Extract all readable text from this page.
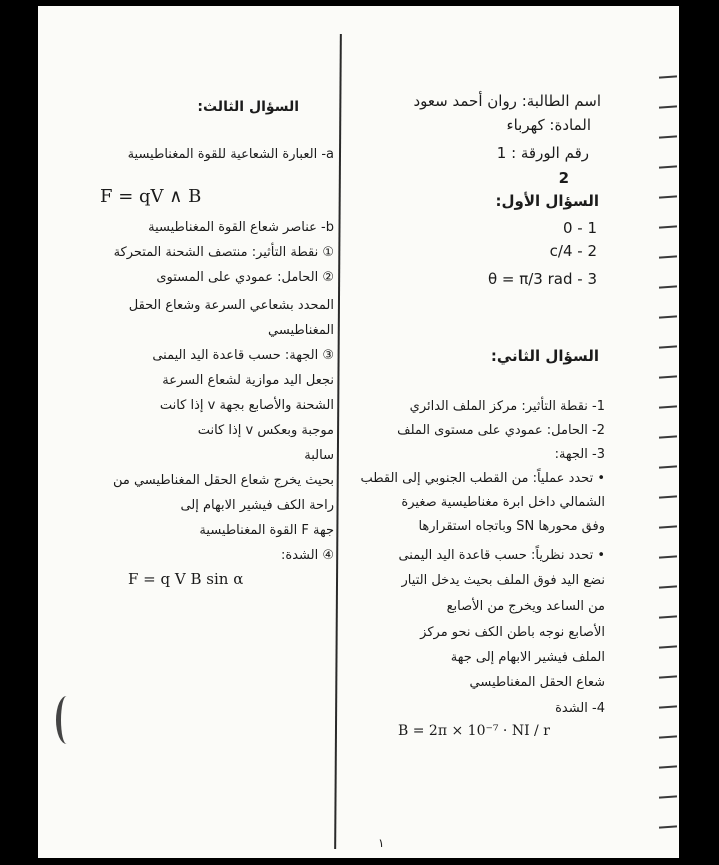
اسم الطالبة: روان أحمد سعود
المادة: كهرباء
رقم الورقة : 1
2
السؤال الأول:
1 - 0
2 - c/4
3 - θ = π/3 rad
السؤال الثاني:
1- نقطة التأثير: مركز الملف الدائري
2- الحامل: عمودي على مستوى الملف
3- الجهة:
• تحدد عملياً: من القطب الجنوبي إلى القطب
الشمالي داخل ابرة مغناطيسية صغيرة
وفق محورها SN وباتجاه استقرارها
• تحدد نظرياً: حسب قاعدة اليد اليمنى
نضع اليد فوق الملف بحيث يدخل التيار
من الساعد ويخرج من الأصابع
الأصابع نوجه باطن الكف نحو مركز
الملف فيشير الابهام إلى جهة
شعاع الحقل المغناطيسي
4- الشدة
السؤال الثالث:
a- العبارة الشعاعية للقوة المغناطيسية
b- عناصر شعاع القوة المغناطيسية
① نقطة التأثير: منتصف الشحنة المتحركة
② الحامل: عمودي على المستوى
المحدد بشعاعي السرعة وشعاع الحقل
المغناطيسي
③ الجهة: حسب قاعدة اليد اليمنى
نجعل اليد موازية لشعاع السرعة
الشحنة والأصابع بجهة v إذا كانت
موجبة وبعكس v إذا كانت
سالبة
بحيث يخرج شعاع الحقل المغناطيسي من
راحة الكف فيشير الابهام إلى
جهة F القوة المغناطيسية
④ الشدة:
F = qV ∧ B
F = q V B sin α
B = 2π × 10⁻⁷ · NI / r
١
